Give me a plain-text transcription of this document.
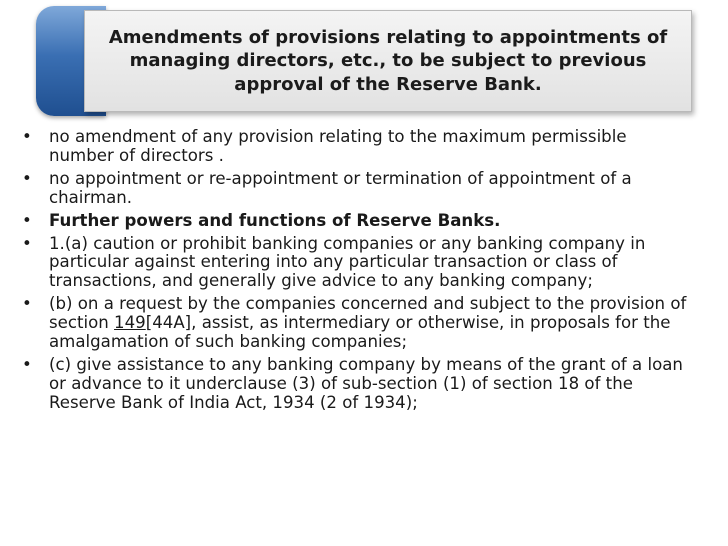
Amendments of provisions relating to appointments of managing directors, etc., to be subject to previous approval of the Reserve Bank.

• no amendment of any provision relating to the maximum permissible number of directors .
• no appointment or re-appointment or termination of appointment of a chairman.
• Further powers and functions of Reserve Banks.
• 1.(a) caution or prohibit banking companies or any banking company in particular against entering into any particular transaction or class of transactions, and generally give advice to any banking company;
• (b) on a request by the companies concerned and subject to the provision of section 149[44A], assist, as intermediary or otherwise, in proposals for the amalgamation of such banking companies;
• (c) give assistance to any banking company by means of the grant of a loan or advance to it underclause (3) of sub-section (1) of section 18 of the Reserve Bank of India Act, 1934 (2 of 1934);
